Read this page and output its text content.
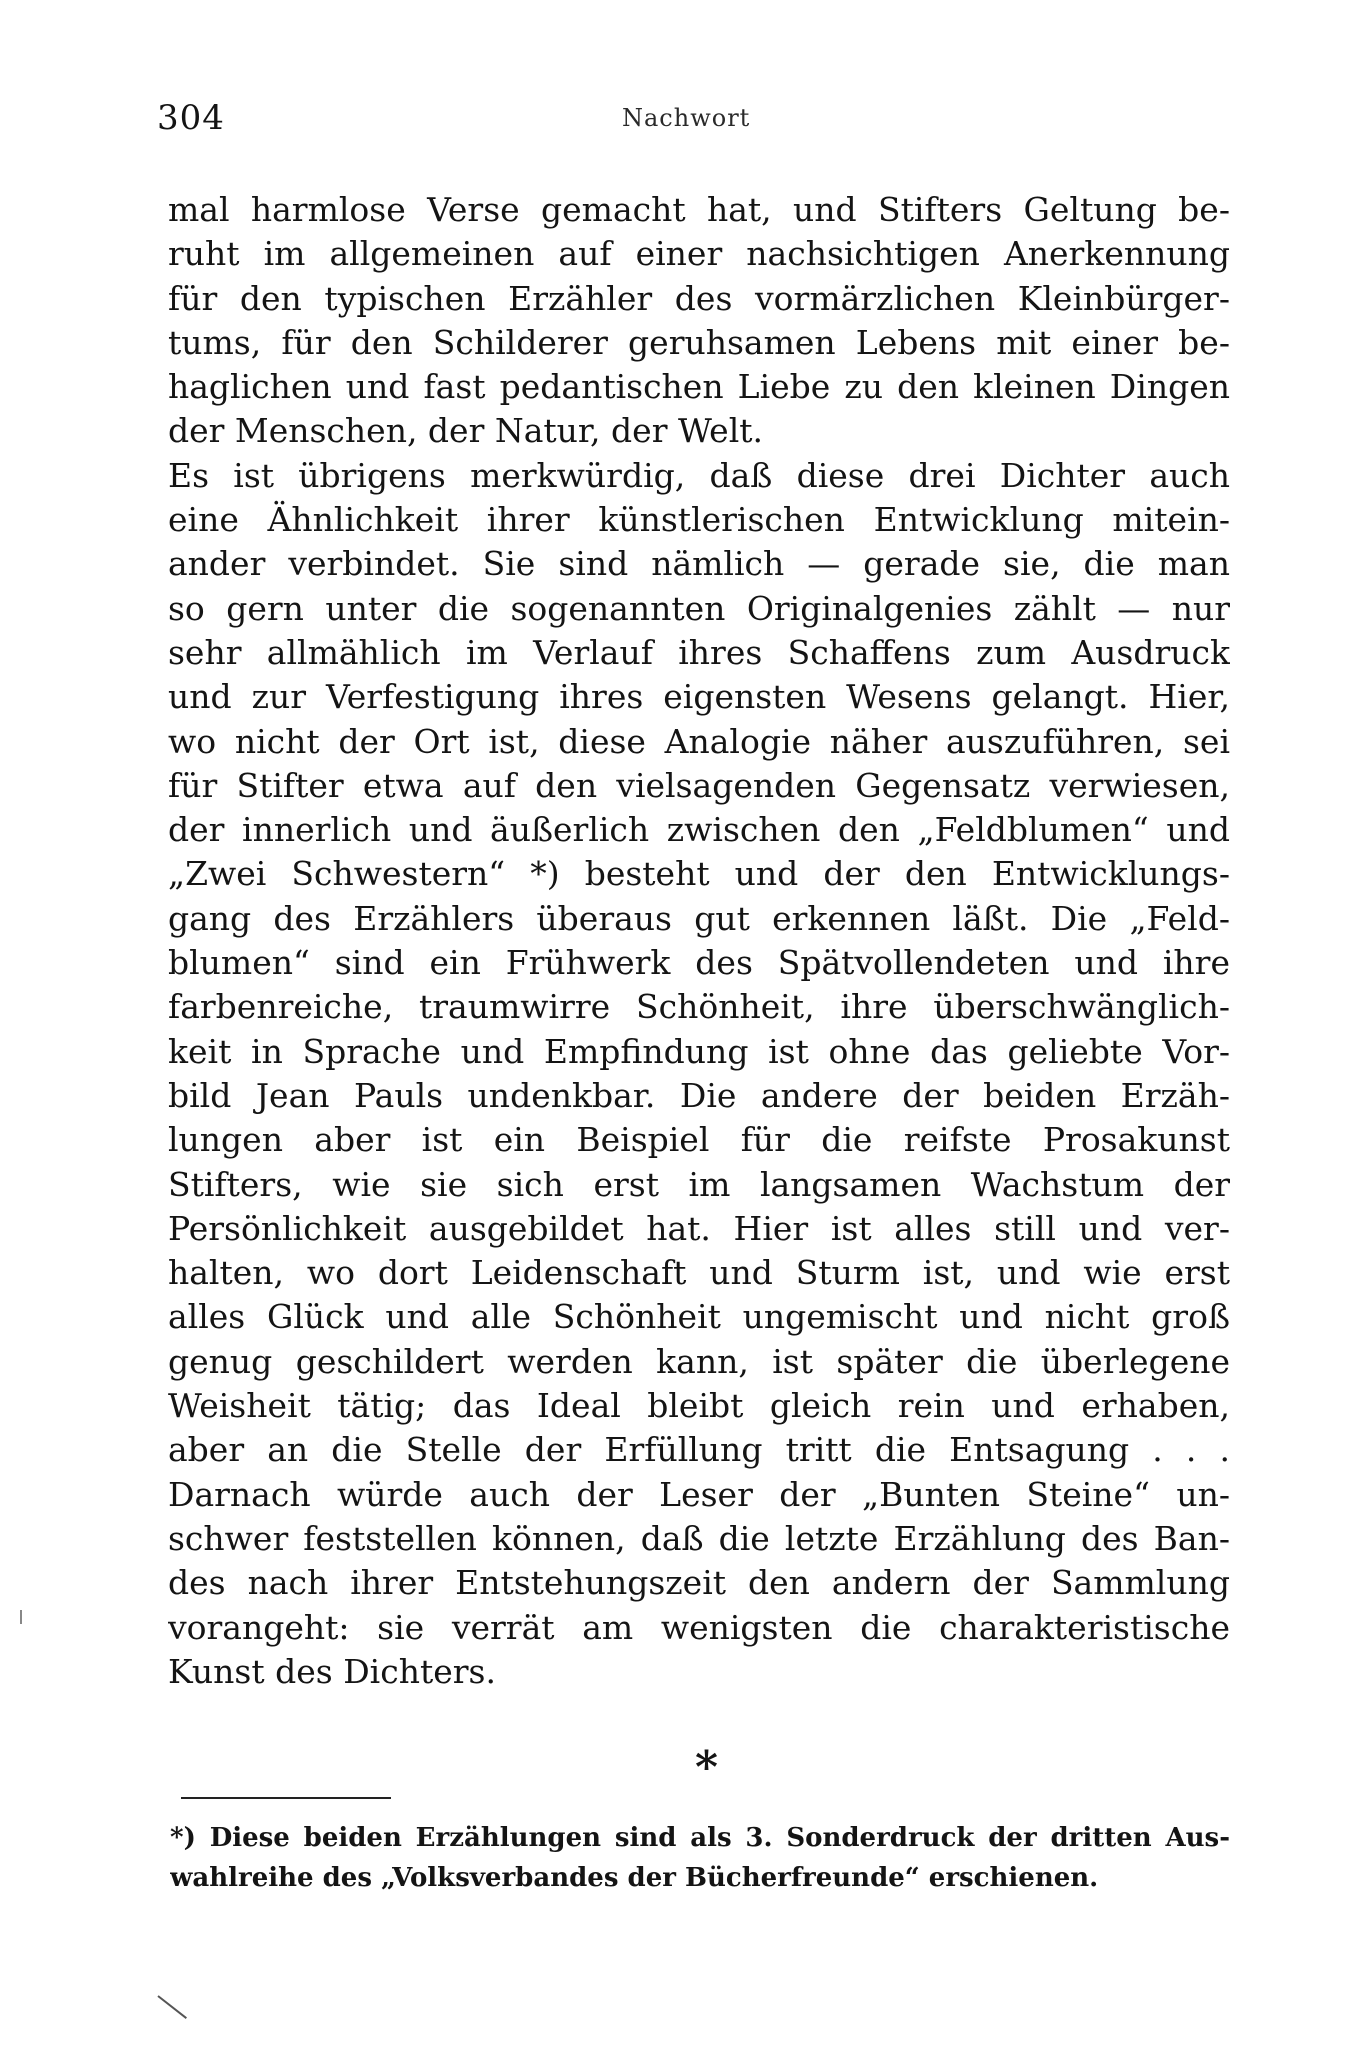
304	Nachwort
mal harmlose Verse gemacht hat, und Stifters Geltung be-
ruht im allgemeinen auf einer nachsichtigen Anerkennung
für den typischen Erzähler des vormärzlichen Kleinbürger-
tums, für den Schilderer geruhsamen Lebens mit einer be-
haglichen und fast pedantischen Liebe zu den kleinen Dingen
der Menschen, der Natur, der Welt.
Es ist übrigens merkwürdig, daß diese drei Dichter auch
eine Ähnlichkeit ihrer künstlerischen Entwicklung mitein-
ander verbindet. Sie sind nämlich — gerade sie, die man
so gern unter die sogenannten Originalgenies zählt — nur
sehr allmählich im Verlauf ihres Schaffens zum Ausdruck
und zur Verfestigung ihres eigensten Wesens gelangt. Hier,
wo nicht der Ort ist, diese Analogie näher auszuführen, sei
für Stifter etwa auf den vielsagenden Gegensatz verwiesen,
der innerlich und äußerlich zwischen den „Feldblumen“ und
„Zwei Schwestern“ *) besteht und der den Entwicklungs-
gang des Erzählers überaus gut erkennen läßt. Die „Feld-
blumen“ sind ein Frühwerk des Spätvollendeten und ihre
farbenreiche, traumwirre Schönheit, ihre überschwänglich-
keit in Sprache und Empfindung ist ohne das geliebte Vor-
bild Jean Pauls undenkbar. Die andere der beiden Erzäh-
lungen aber ist ein Beispiel für die reifste Prosakunst
Stifters, wie sie sich erst im langsamen Wachstum der
Persönlichkeit ausgebildet hat. Hier ist alles still und ver-
halten, wo dort Leidenschaft und Sturm ist, und wie erst
alles Glück und alle Schönheit ungemischt und nicht groß
genug geschildert werden kann, ist später die überlegene
Weisheit tätig; das Ideal bleibt gleich rein und erhaben,
aber an die Stelle der Erfüllung tritt die Entsagung . . .
Darnach würde auch der Leser der „Bunten Steine“ un-
schwer feststellen können, daß die letzte Erzählung des Ban-
des nach ihrer Entstehungszeit den andern der Sammlung
vorangeht: sie verrät am wenigsten die charakteristische
Kunst des Dichters.
*
*) Diese beiden Erzählungen sind als 3. Sonderdruck der dritten Aus-
wahlreihe des „Volksverbandes der Bücherfreunde“ erschienen.
